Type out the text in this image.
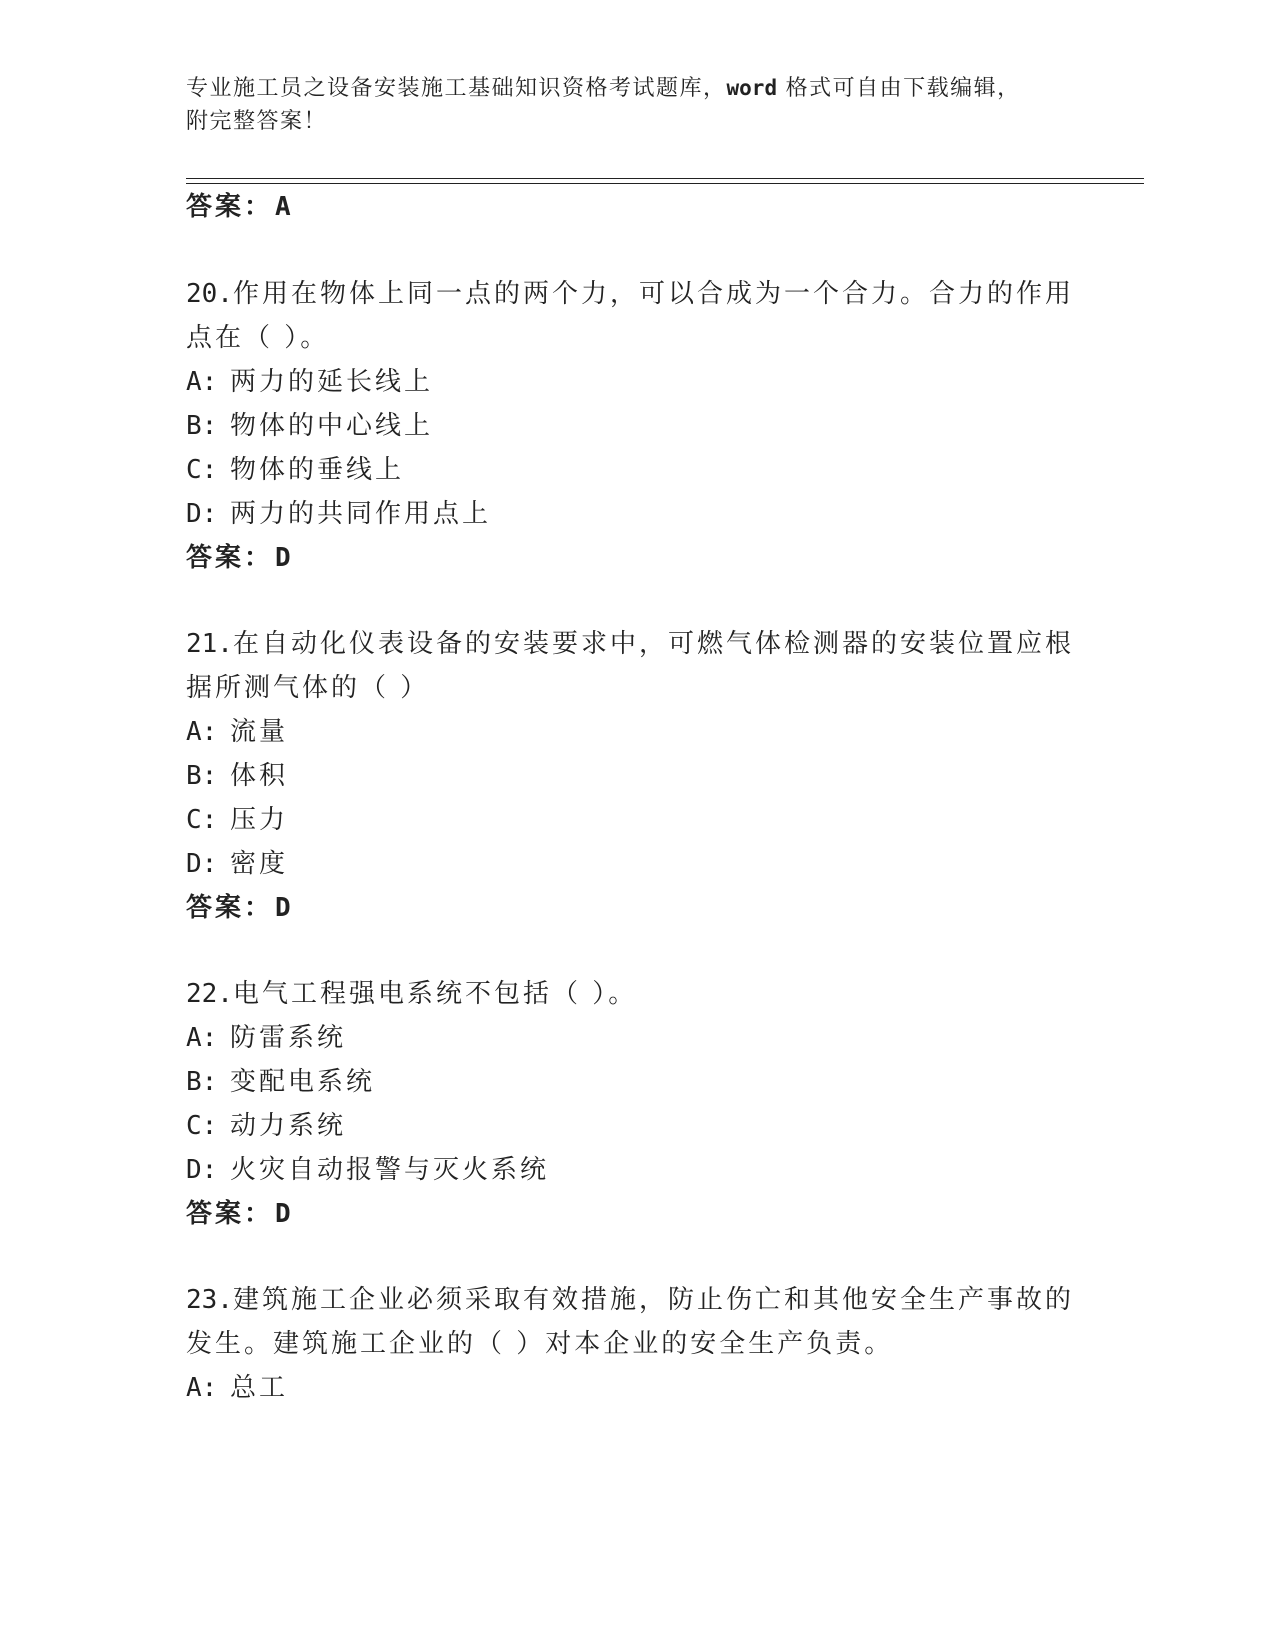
专业施工员之设备安装施工基础知识资格考试题库，word 格式可自由下载编辑，
附完整答案！
答案：A
20.作用在物体上同一点的两个力，可以合成为一个合力。合力的作用
点在（ ）。
A: 两力的延长线上
B: 物体的中心线上
C: 物体的垂线上
D: 两力的共同作用点上
答案：D
21.在自动化仪表设备的安装要求中，可燃气体检测器的安装位置应根
据所测气体的（ ）
A: 流量
B: 体积
C: 压力
D: 密度
答案：D
22.电气工程强电系统不包括（ ）。
A: 防雷系统
B: 变配电系统
C: 动力系统
D: 火灾自动报警与灭火系统
答案：D
23.建筑施工企业必须采取有效措施，防止伤亡和其他安全生产事故的
发生。建筑施工企业的（ ）对本企业的安全生产负责。
A: 总工
